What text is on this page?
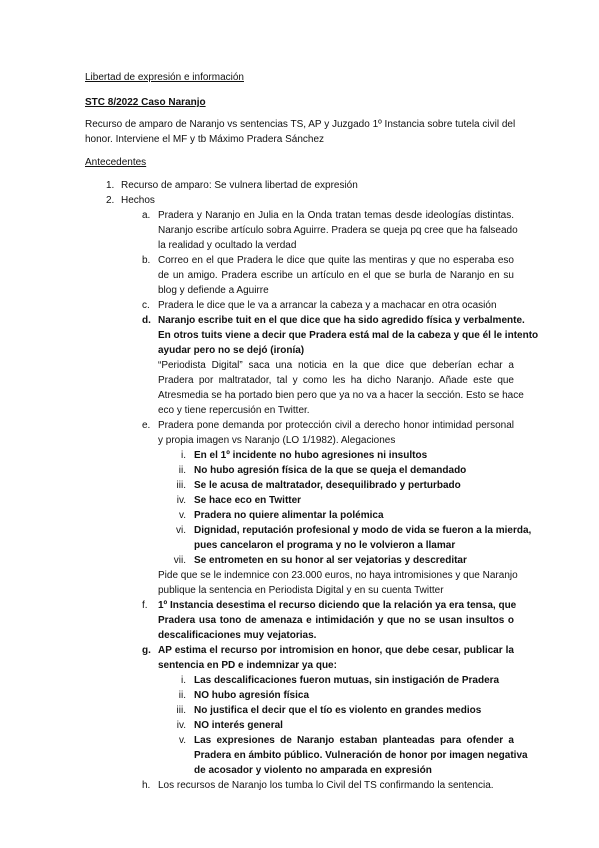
Libertad de expresión e información
STC 8/2022 Caso Naranjo
Recurso de amparo de Naranjo vs sentencias TS, AP y Juzgado 1º Instancia sobre tutela civil del
honor. Interviene el MF y tb Máximo Pradera Sánchez
Antecedentes
1. Recurso de amparo: Se vulnera libertad de expresión
2. Hechos
a. Pradera y Naranjo en Julia en la Onda tratan temas desde ideologías distintas.
Naranjo escribe artículo sobra Aguirre. Pradera se queja pq cree que ha falseado
la realidad y ocultado la verdad
b. Correo en el que Pradera le dice que quite las mentiras y que no esperaba eso
de un amigo. Pradera escribe un artículo en el que se burla de Naranjo en su
blog y defiende a Aguirre
c. Pradera le dice que le va a arrancar la cabeza y a machacar en otra ocasión
d. Naranjo escribe tuit en el que dice que ha sido agredido física y verbalmente.
En otros tuits viene a decir que Pradera está mal de la cabeza y que él le intento
ayudar pero no se dejó (ironía)
“Periodista Digital” saca una noticia en la que dice que deberían echar a
Pradera por maltratador, tal y como les ha dicho Naranjo. Añade este que
Atresmedia se ha portado bien pero que ya no va a hacer la sección. Esto se hace
eco y tiene repercusión en Twitter.
e. Pradera pone demanda por protección civil a derecho honor intimidad personal
y propia imagen vs Naranjo (LO 1/1982). Alegaciones
i. En el 1º incidente no hubo agresiones ni insultos
ii. No hubo agresión física de la que se queja el demandado
iii. Se le acusa de maltratador, desequilibrado y perturbado
iv. Se hace eco en Twitter
v. Pradera no quiere alimentar la polémica
vi. Dignidad, reputación profesional y modo de vida se fueron a la mierda,
pues cancelaron el programa y no le volvieron a llamar
vii. Se entrometen en su honor al ser vejatorias y descreditar
Pide que se le indemnice con 23.000 euros, no haya intromisiones y que Naranjo
publique la sentencia en Periodista Digital y en su cuenta Twitter
f. 1º Instancia desestima el recurso diciendo que la relación ya era tensa, que
Pradera usa tono de amenaza e intimidación y que no se usan insultos o
descalificaciones muy vejatorias.
g. AP estima el recurso por intromision en honor, que debe cesar, publicar la
sentencia en PD e indemnizar ya que:
i. Las descalificaciones fueron mutuas, sin instigación de Pradera
ii. NO hubo agresión física
iii. No justifica el decir que el tío es violento en grandes medios
iv. NO interés general
v. Las expresiones de Naranjo estaban planteadas para ofender a
Pradera en ámbito público. Vulneración de honor por imagen negativa
de acosador y violento no amparada en expresión
h. Los recursos de Naranjo los tumba lo Civil del TS confirmando la sentencia.
